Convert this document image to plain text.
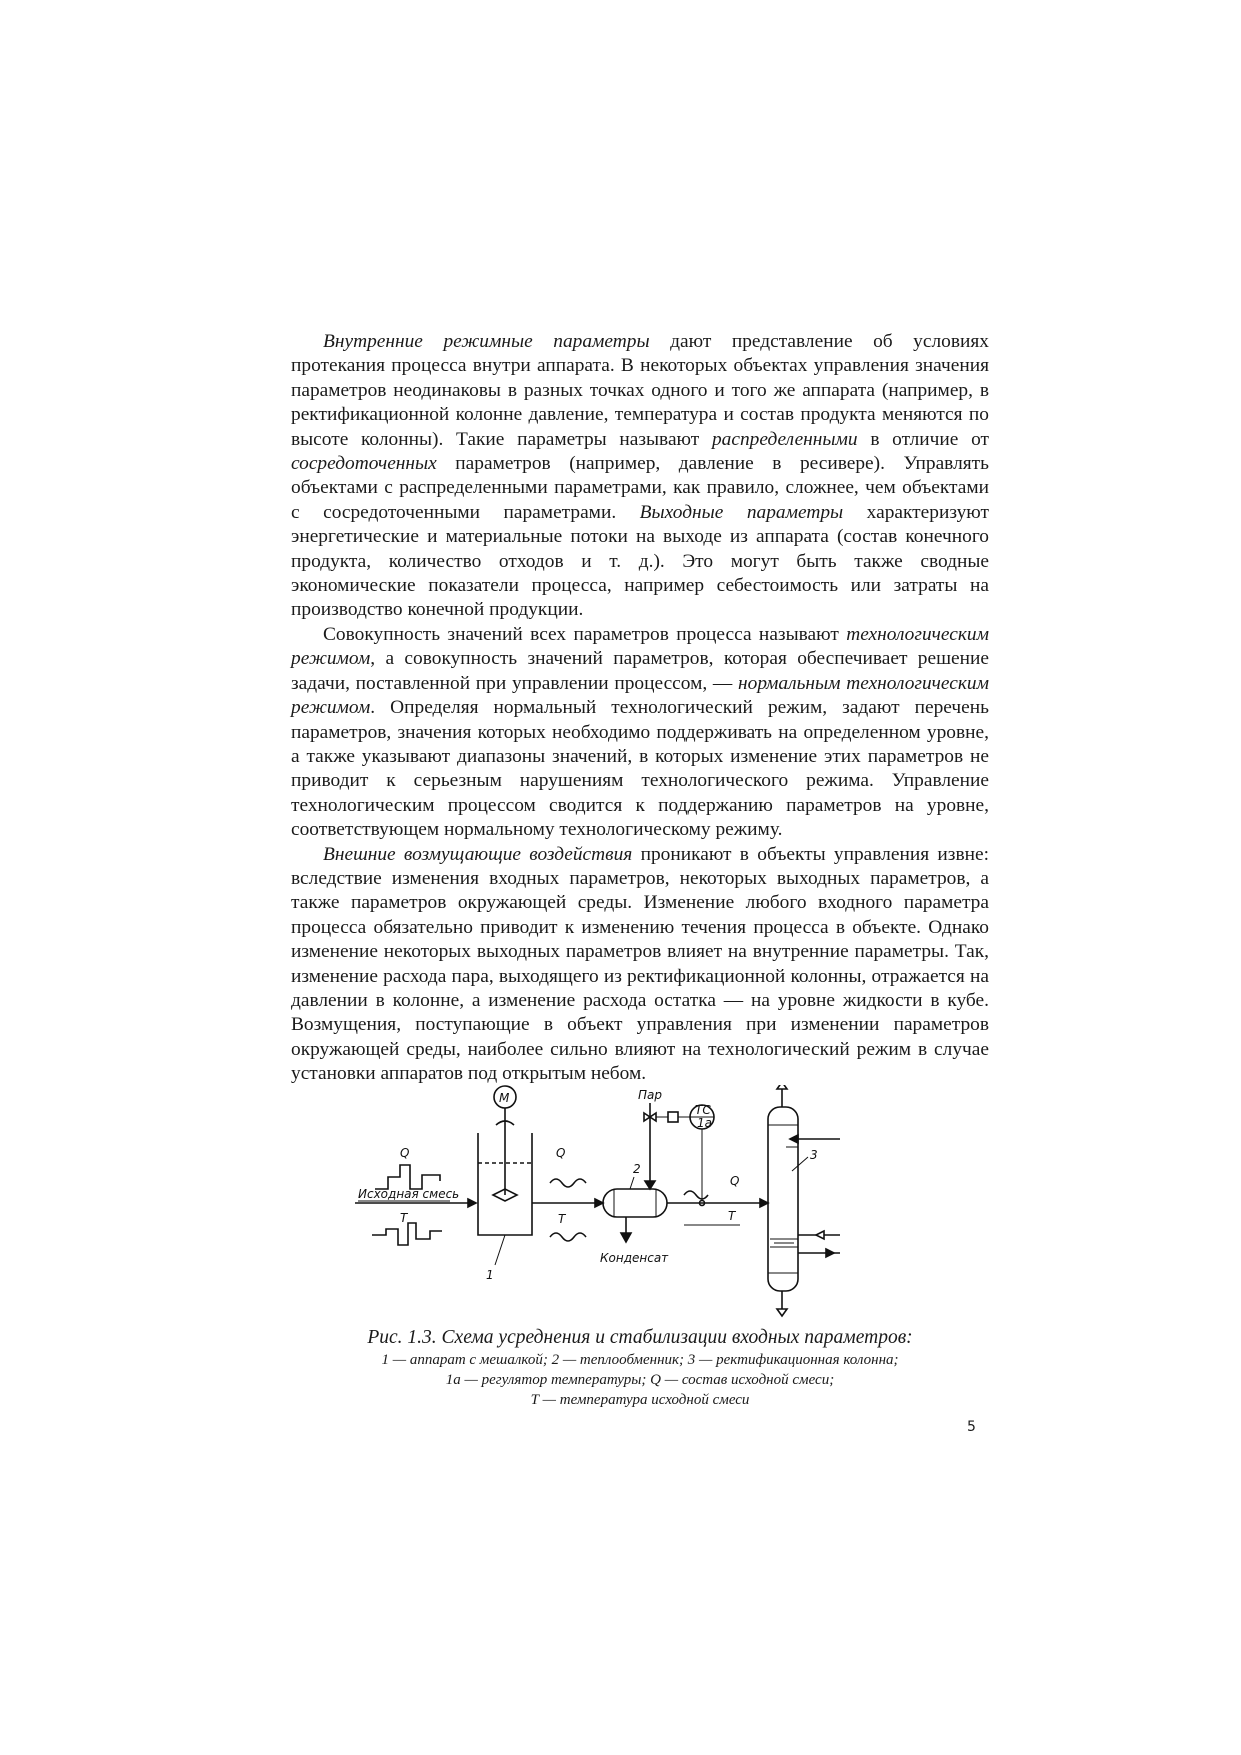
Внутренние режимные параметры дают представление об условиях протекания процесса внутри аппарата. В некоторых объектах управления значения параметров неодинаковы в разных точках одного и того же аппарата (например, в ректификационной колонне давление, температура и состав продукта меняются по высоте колонны). Такие параметры называют распределенными в отличие от сосредоточенных параметров (например, давление в ресивере). Управлять объектами с распределенными параметрами, как правило, сложнее, чем объектами с сосредоточенными параметрами. Выходные параметры характеризуют энергетические и материальные потоки на выходе из аппарата (состав конечного продукта, количество отходов и т. д.). Это могут быть также сводные экономические показатели процесса, например себестоимость или затраты на производство конечной продукции.

Совокупность значений всех параметров процесса называют технологическим режимом, а совокупность значений параметров, которая обеспечивает решение задачи, поставленной при управлении процессом, — нормальным технологическим режимом. Определяя нормальный технологический режим, задают перечень параметров, значения которых необходимо поддерживать на определенном уровне, а также указывают диапазоны значений, в которых изменение этих параметров не приводит к серьезным нарушениям технологического режима. Управление технологическим процессом сводится к поддержанию параметров на уровне, соответствующем нормальному технологическому режиму.

Внешние возмущающие воздействия проникают в объекты управления извне: вследствие изменения входных параметров, некоторых выходных параметров, а также параметров окружающей среды. Изменение любого входного параметра процесса обязательно приводит к изменению течения процесса в объекте. Однако изменение некоторых выходных параметров влияет на внутренние параметры. Так, изменение расхода пара, выходящего из ректификационной колонны, отражается на давлении в колонне, а изменение расхода остатка — на уровне жидкости в кубе. Возмущения, поступающие в объект управления при изменении параметров окружающей среды, наиболее сильно влияют на технологический режим в случае установки аппаратов под открытым небом.

Исходная смесь
Q
T
М
1
Q
T
2
Конденсат
Пар
TC
1a
Q
T
3
Рис. 1.3. Схема усреднения и стабилизации входных параметров:
1 — аппарат с мешалкой; 2 — теплообменник; 3 — ректификационная колонна;
1а — регулятор температуры; Q — состав исходной смеси;
Т — температура исходной смеси
5
